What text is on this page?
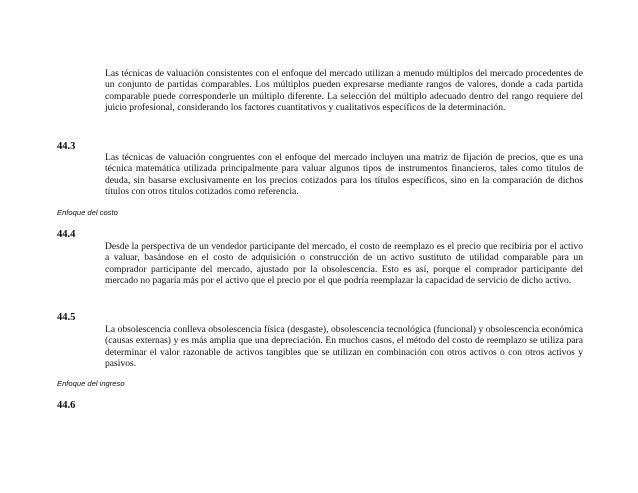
Las técnicas de valuación consistentes con el enfoque del mercado utilizan a menudo múltiplos del mercado procedentes de un conjunto de partidas comparables. Los múltiplos pueden expresarse mediante rangos de valores, donde a cada partida comparable puede corresponderle un múltiplo diferente. La selección del múltiplo adecuado dentro del rango requiere del juicio profesional, considerando los factores cuantitativos y cualitativos específicos de la determinación.

44.3

Las técnicas de valuación congruentes con el enfoque del mercado incluyen una matriz de fijación de precios, que es una técnica matemática utilizada principalmente para valuar algunos tipos de instrumentos financieros, tales como títulos de deuda, sin basarse exclusivamente en los precios cotizados para los títulos específicos, sino en la comparación de dichos títulos con otros títulos cotizados como referencia.

Enfoque del costo

44.4

Desde la perspectiva de un vendedor participante del mercado, el costo de reemplazo es el precio que recibiría por el activo a valuar, basándose en el costo de adquisición o construcción de un activo sustituto de utilidad comparable para un comprador participante del mercado, ajustado por la obsolescencia. Esto es así, porque el comprador participante del mercado no pagaría más por el activo que el precio por el que podría reemplazar la capacidad de servicio de dicho activo.

44.5

La obsolescencia conlleva obsolescencia física (desgaste), obsolescencia tecnológica (funcional) y obsolescencia económica (causas externas) y es más amplia que una depreciación. En muchos casos, el método del costo de reemplazo se utiliza para determinar el valor razonable de activos tangibles que se utilizan en combinación con otros activos o con otros activos y pasivos.

Enfoque del ingreso

44.6
